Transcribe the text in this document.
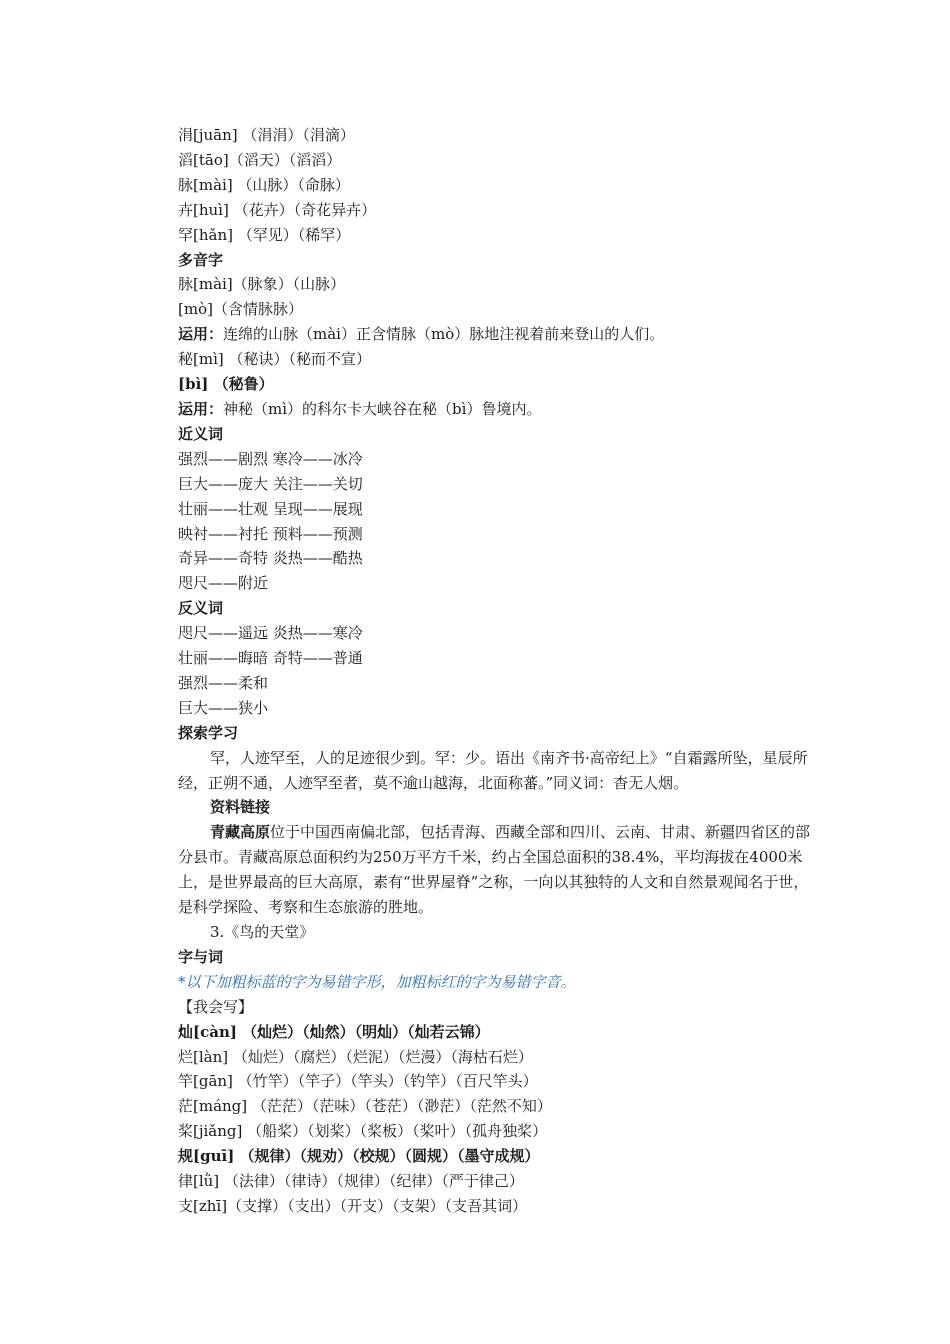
涓[juān] （涓涓）（涓滴）
滔[tāo]（滔天）（滔滔）
脉[mài] （山脉）（命脉）
卉[huì] （花卉）（奇花异卉）
罕[hǎn] （罕见）（稀罕）
多音字
脉[mài]（脉象）（山脉）
[mò]（含情脉脉）
运用：连绵的山脉（mài）正含情脉（mò）脉地注视着前来登山的人们。
秘[mì] （秘诀）（秘而不宣）
[bì] （秘鲁）
运用：神秘（mì）的科尔卡大峡谷在秘（bì）鲁境内。
近义词
强烈——剧烈 寒冷——冰冷
巨大——庞大 关注——关切
壮丽——壮观 呈现——展现
映衬——衬托 预料——预测
奇异——奇特 炎热——酷热
咫尺——附近
反义词
咫尺——遥远 炎热——寒冷
壮丽——晦暗 奇特——普通
强烈——柔和
巨大——狭小
探索学习
罕，人迹罕至，人的足迹很少到。罕：少。语出《南齐书·高帝纪上》“自霜露所坠，星辰所经，正朔不通，人迹罕至者，莫不逾山越海，北面称蕃。”同义词：杳无人烟。
资料链接
青藏高原位于中国西南偏北部，包括青海、西藏全部和四川、云南、甘肃、新疆四省区的部分县市。青藏高原总面积约为250万平方千米，约占全国总面积的38.4%，平均海拔在4000米上，是世界最高的巨大高原，素有“世界屋脊”之称，一向以其独特的人文和自然景观闻名于世，是科学探险、考察和生态旅游的胜地。
3.《鸟的天堂》
字与词
*以下加粗标蓝的字为易错字形，加粗标红的字为易错字音。
【我会写】
灿[càn] （灿烂）（灿然）（明灿）（灿若云锦）
烂[làn] （灿烂）（腐烂）（烂泥）（烂漫）（海枯石烂）
竿[gān] （竹竿）（竿子）（竿头）（钓竿）（百尺竿头）
茫[máng] （茫茫）（茫味）（苍茫）（渺茫）（茫然不知）
桨[jiǎng] （船桨）（划桨）（桨板）（桨叶）（孤舟独桨）
规[guī] （规律）（规劝）（校规）（圆规）（墨守成规）
律[lǜ] （法律）（律诗）（规律）（纪律）（严于律己）
支[zhī]（支撑）（支出）（开支）（支架）（支吾其词）
